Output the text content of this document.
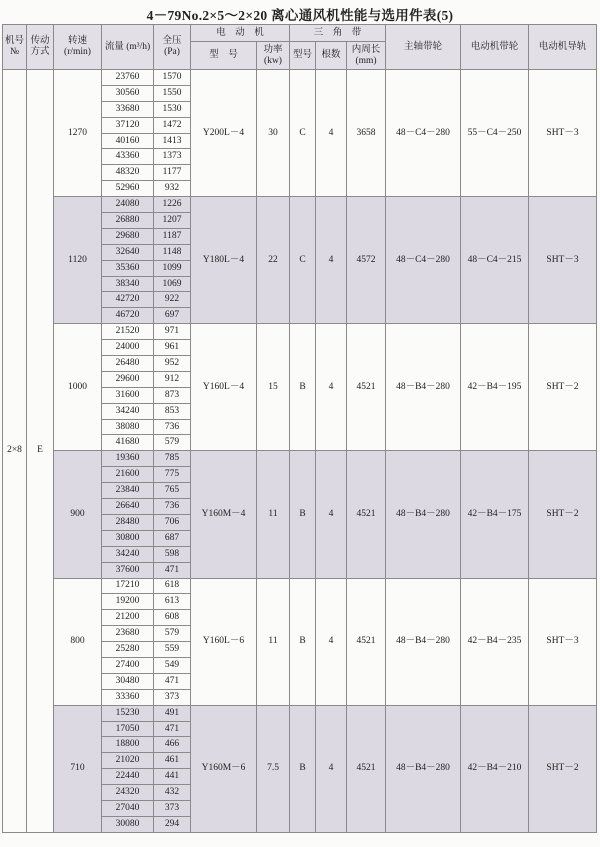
4－79No.2×5～2×20 离心通风机性能与选用件表(5)
机号 №	传动 方式	转速 (r/min)	流量 (m³/h)	全压 (Pa)	电　动　机		三　角　带			主轴带轮	电动机带轮	电动机导轨
					型　号	功率 (kw)	型号	根数	内周长 (mm)			
2×8	E	1270	23760	1570	Y200L－4	30	C	4	3658	48－C4－280	55－C4－250	SHT－3
			30560	1550								
			33680	1530								
			37120	1472								
			40160	1413								
			43360	1373								
			48320	1177								
			52960	932								
		1120	24080	1226	Y180L－4	22	C	4	4572	48－C4－280	48－C4－215	SHT－3
			26880	1207								
			29680	1187								
			32640	1148								
			35360	1099								
			38340	1069								
			42720	922								
			46720	697								
		1000	21520	971	Y160L－4	15	B	4	4521	48－B4－280	42－B4－195	SHT－2
			24000	961								
			26480	952								
			29600	912								
			31600	873								
			34240	853								
			38080	736								
			41680	579								
		900	19360	785	Y160M－4	11	B	4	4521	48－B4－280	42－B4－175	SHT－2
			21600	775								
			23840	765								
			26640	736								
			28480	706								
			30800	687								
			34240	598								
			37600	471								
		800	17210	618	Y160L－6	11	B	4	4521	48－B4－280	42－B4－235	SHT－3
			19200	613								
			21200	608								
			23680	579								
			25280	559								
			27400	549								
			30480	471								
			33360	373								
		710	15230	491	Y160M－6	7.5	B	4	4521	48－B4－280	42－B4－210	SHT－2
			17050	471								
			18800	466								
			21020	461								
			22440	441								
			24320	432								
			27040	373								
			30080	294								
